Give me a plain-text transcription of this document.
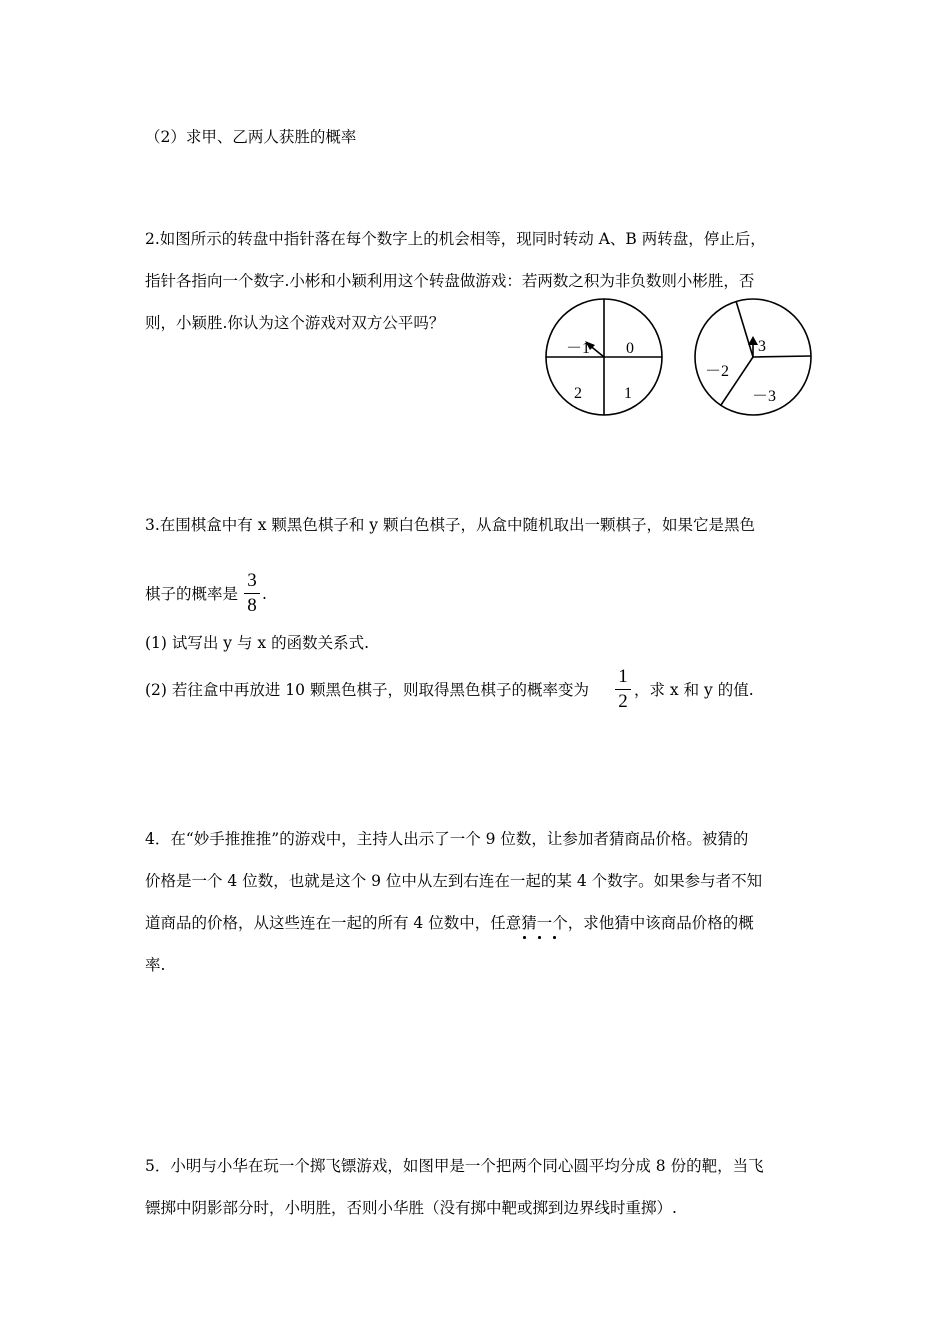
（2）求甲、乙两人获胜的概率
2.如图所示的转盘中指针落在每个数字上的机会相等，现同时转动 A、B 两转盘，停止后，
指针各指向一个数字.小彬和小颖利用这个转盘做游戏：若两数之积为非负数则小彬胜，否
则，小颖胜.你认为这个游戏对双方公平吗？
－1 0
2	1
3
－2
－3
3.在围棋盒中有 x 颗黑色棋子和 y 颗白色棋子，从盒中随机取出一颗棋子，如果它是黑色
棋子的概率是
3
8
.
(1) 试写出 y 与 x 的函数关系式.
(2) 若往盒中再放进 10 颗黑色棋子，则取得黑色棋子的概率变为
1
2
，求 x 和 y 的值.
4．在“妙手推推推”的游戏中，主持人出示了一个 9 位数，让参加者猜商品价格。被猜的
价格是一个 4 位数，也就是这个 9 位中从左到右连在一起的某 4 个数字。如果参与者不知
道商品的价格，从这些连在一起的所有 4 位数中，任意猜一个，求他猜中该商品价格的概
率.
5．小明与小华在玩一个掷飞镖游戏，如图甲是一个把两个同心圆平均分成 8 份的靶，当飞
镖掷中阴影部分时，小明胜，否则小华胜（没有掷中靶或掷到边界线时重掷）.
